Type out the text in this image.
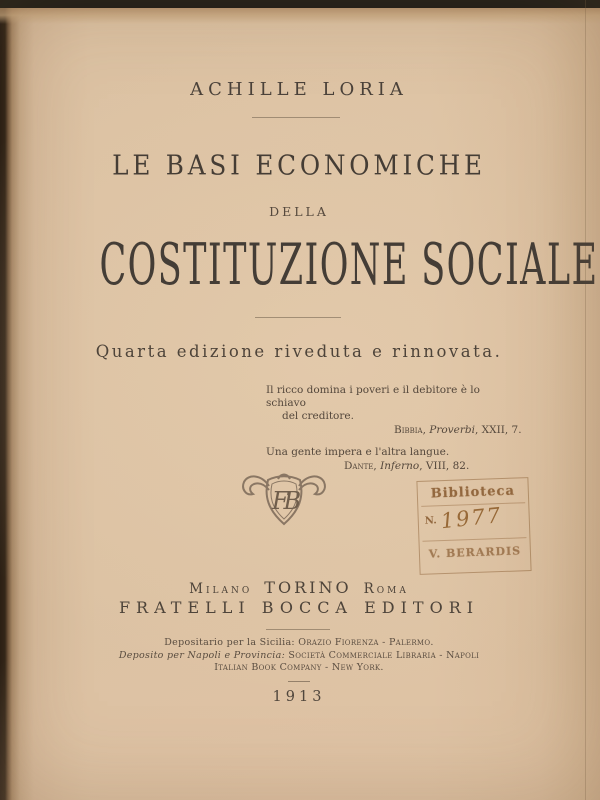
ACHILLE LORIA
LE BASI ECONOMICHE
DELLA
COSTITUZIONE SOCIALE
Quarta edizione riveduta e rinnovata.
Il ricco domina i poveri e il debitore è lo schiavo
del creditore.
Bibbia, Proverbi, XXII, 7.
Una gente impera e l'altra langue.
Dante, Inferno, VIII, 82.
FB	Biblioteca
N. 1977
V. BERARDIS
Milano TORINO Roma
FRATELLI BOCCA EDITORI
Depositario per la Sicilia: Orazio Fiorenza - Palermo.
Deposito per Napoli e Provincia: Società Commerciale Libraria - Napoli
Italian Book Company - New York.
1913
